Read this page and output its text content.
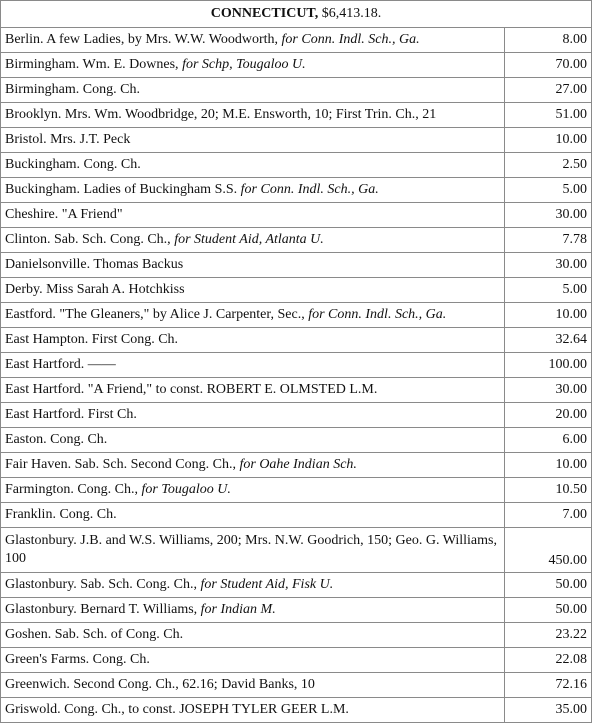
CONNECTICUT, $6,413.18.
Berlin. A few Ladies, by Mrs. W.W. Woodworth, for Conn. Indl. Sch., Ga.	8.00
Birmingham. Wm. E. Downes, for Schp, Tougaloo U.	70.00
Birmingham. Cong. Ch.	27.00
Brooklyn. Mrs. Wm. Woodbridge, 20; M.E. Ensworth, 10; First Trin. Ch., 21	51.00
Bristol. Mrs. J.T. Peck	10.00
Buckingham. Cong. Ch.	2.50
Buckingham. Ladies of Buckingham S.S. for Conn. Indl. Sch., Ga.	5.00
Cheshire. "A Friend"	30.00
Clinton. Sab. Sch. Cong. Ch., for Student Aid, Atlanta U.	7.78
Danielsonville. Thomas Backus	30.00
Derby. Miss Sarah A. Hotchkiss	5.00
Eastford. "The Gleaners," by Alice J. Carpenter, Sec., for Conn. Indl. Sch., Ga.	10.00
East Hampton. First Cong. Ch.	32.64
East Hartford. ——	100.00
East Hartford. "A Friend," to const. ROBERT E. OLMSTED L.M.	30.00
East Hartford. First Ch.	20.00
Easton. Cong. Ch.	6.00
Fair Haven. Sab. Sch. Second Cong. Ch., for Oahe Indian Sch.	10.00
Farmington. Cong. Ch., for Tougaloo U.	10.50
Franklin. Cong. Ch.	7.00
Glastonbury. J.B. and W.S. Williams, 200; Mrs. N.W. Goodrich, 150; Geo. G. Williams, 100	450.00
Glastonbury. Sab. Sch. Cong. Ch., for Student Aid, Fisk U.	50.00
Glastonbury. Bernard T. Williams, for Indian M.	50.00
Goshen. Sab. Sch. of Cong. Ch.	23.22
Green's Farms. Cong. Ch.	22.08
Greenwich. Second Cong. Ch., 62.16; David Banks, 10	72.16
Griswold. Cong. Ch., to const. JOSEPH TYLER GEER L.M.	35.00
